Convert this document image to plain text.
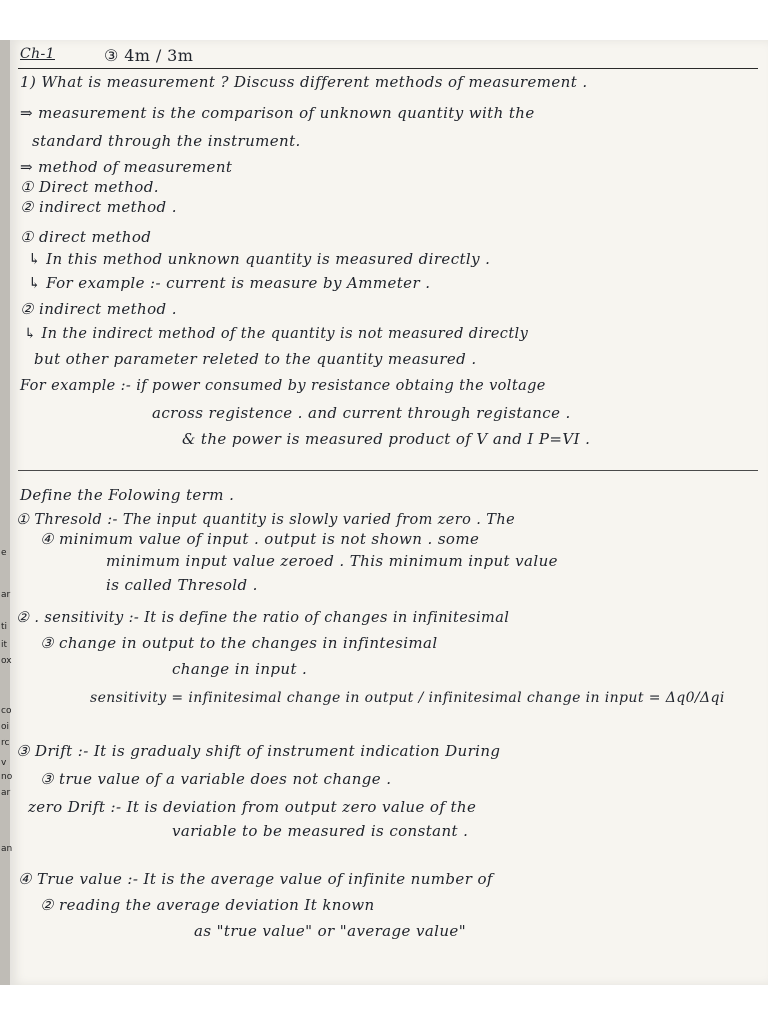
e
ar
ti
it
ox
co
oi
rc
v
no
ar
an
Ch-1	③ 4m / 3m
1) What is measurement ? Discuss different methods of measurement .
⇒ measurement is the comparison of unknown quantity with the
standard through the instrument.
⇒ method of measurement
① Direct method.
② indirect method .
① direct method
↳ In this method unknown quantity is measured directly .
↳ For example :- current is measure by Ammeter .
② indirect method .
↳ In the indirect method of the quantity is not measured directly
but other parameter releted to the quantity measured .
For example :- if power consumed by resistance obtaing the voltage
across registence . and current through registance .
& the power is measured product of V and I P=VI .
Define the Folowing term .
① Thresold :- The input quantity is slowly varied from zero . The
④ minimum value of input . output is not shown . some
minimum input value zeroed . This minimum input value
is called Thresold .
② . sensitivity :- It is define the ratio of changes in infinitesimal
③ change in output to the changes in infintesimal
change in input .
sensitivity = infinitesimal change in output / infinitesimal change in input = Δq0/Δqi
③ Drift :- It is gradualy shift of instrument indication During
③ true value of a variable does not change .
zero Drift :- It is deviation from output zero value of the
variable to be measured is constant .
④ True value :- It is the average value of infinite number of
② reading the average deviation It known
as "true value" or "average value"
